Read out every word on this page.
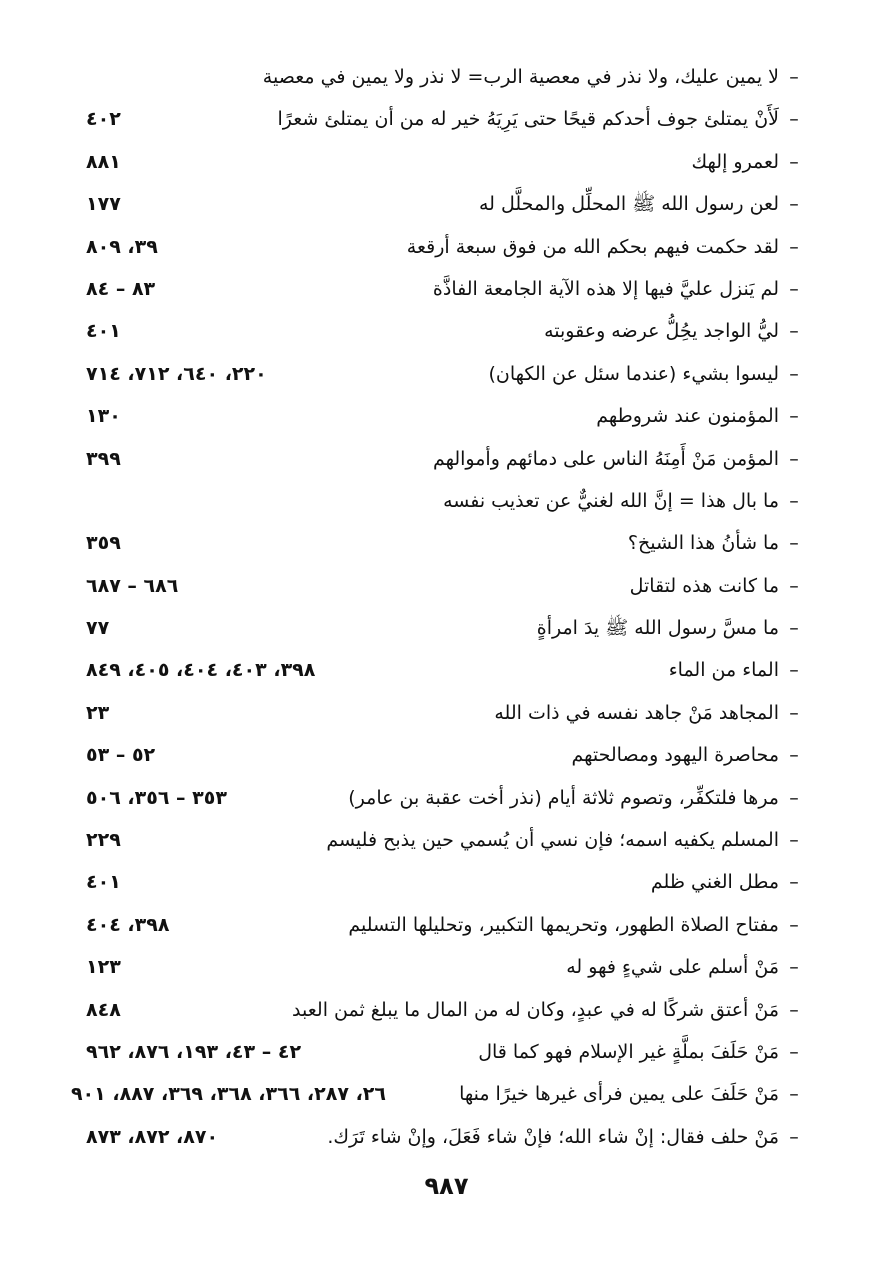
–
لا يمين عليك، ولا نذر في معصية الرب= لا نذر ولا يمين في معصية
–
لَأَنْ يمتلئ جوف أحدكم قيحًا حتى يَرِيَهُ خير له من أن يمتلئ شعرًا
٤٠٢
–
لعمرو إلهك
٨٨١
–
لعن رسول الله ﷺ المحلِّل والمحلَّل له
١٧٧
–
لقد حكمت فيهم بحكم الله من فوق سبعة أرقعة
٣٩، ٨٠٩
–
لم يَنزل عليَّ فيها إلا هذه الآية الجامعة الفاذَّة
٨٣ – ٨٤
–
ليُّ الواجد يحُِلُّ عرضه وعقوبته
٤٠١
–
ليسوا بشيء (عندما سئل عن الكهان)
٢٢٠، ٦٤٠، ٧١٢، ٧١٤
–
المؤمنون عند شروطهم
١٣٠
–
المؤمن مَنْ أَمِنَهُ الناس على دمائهم وأموالهم
٣٩٩
–
ما بال هذا = إنَّ الله لغنيٌّ عن تعذيب نفسه
–
ما شأنُ هذا الشيخ؟
٣٥٩
–
ما كانت هذه لتقاتل
٦٨٦ – ٦٨٧
–
ما مسَّ رسول الله ﷺ يدَ امرأةٍ
٧٧
–
الماء من الماء
٣٩٨، ٤٠٣، ٤٠٤، ٤٠٥، ٨٤٩
–
المجاهد مَنْ جاهد نفسه في ذات الله
٢٣
–
محاصرة اليهود ومصالحتهم
٥٢ – ٥٣
–
مرها فلتكفِّر، وتصوم ثلاثة أيام (نذر أخت عقبة بن عامر)
٣٥٣ – ٣٥٦، ٥٠٦
–
المسلم يكفيه اسمه؛ فإن نسي أن يُسمي حين يذبح فليسم
٢٢٩
–
مطل الغني ظلم
٤٠١
–
مفتاح الصلاة الطهور، وتحريمها التكبير، وتحليلها التسليم
٣٩٨، ٤٠٤
–
مَنْ أسلم على شيءٍ فهو له
١٢٣
–
مَنْ أعتق شركًا له في عبدٍ، وكان له من المال ما يبلغ ثمن العبد
٨٤٨
–
مَنْ حَلَفَ بملَّةٍ غير الإسلام فهو كما قال
٤٢ – ٤٣، ١٩٣، ٨٧٦، ٩٦٢
–
مَنْ حَلَفَ على يمين فرأى غيرها خيرًا منها
٢٦، ٢٨٧، ٣٦٦، ٣٦٨، ٣٦٩، ٨٨٧، ٩٠١
–
مَنْ حلف فقال: إنْ شاء الله؛ فإنْ شاء فَعَلَ، وإنْ شاء تَرَك.
٨٧٠، ٨٧٢، ٨٧٣
٩٨٧
